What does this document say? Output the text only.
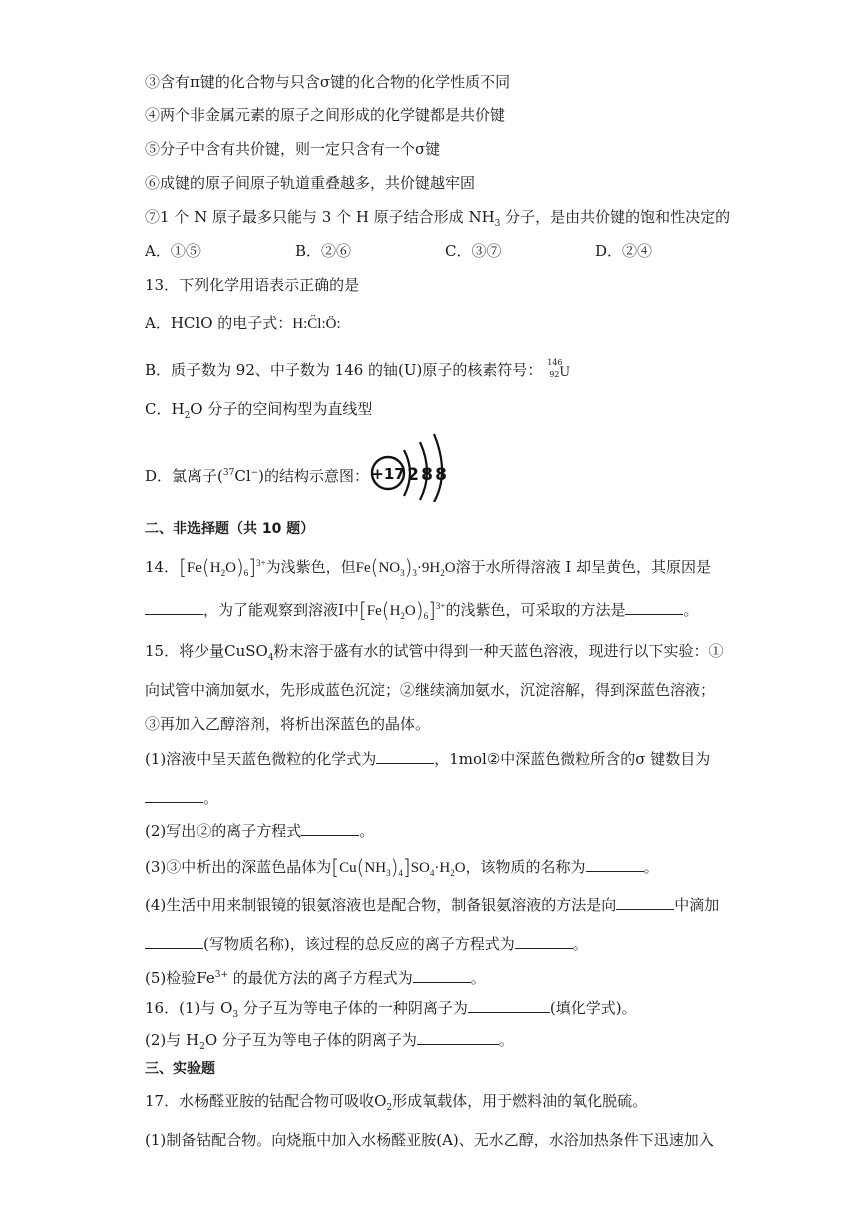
③含有π键的化合物与只含σ键的化合物的化学性质不同
④两个非金属元素的原子之间形成的化学键都是共价键
⑤分子中含有共价键，则一定只含有一个σ键
⑥成键的原子间原子轨道重叠越多，共价键越牢固
⑦1 个 N 原子最多只能与 3 个 H 原子结合形成 $NH_3$ 分子，是由共价键的饱和性决定的
A．①⑤	B．②⑥	C．③⑦	D．②④
13．下列化学用语表示正确的是
A．HClO 的电子式：H:C̈l:Ö:
B．质子数为 92、中子数为 146 的铀(U)原子的核素符号： 146
92 U
C．$H_2O$ 分子的空间构型为直线型
D．氯离子($^{37}$Cl−)的结构示意图： +17 2 8 8
二、非选择题（共 10 题）
14．$[Fe(H_2O)_6]^{3+}$为浅紫色，但$Fe(NO_3)_3\cdot 9H_2O$溶于水所得溶液 I 却呈黄色，其原因是
，为了能观察到溶液I中$[Fe(H_2O)_6]^{3+}$的浅紫色，可采取的方法是	。
15．将少量CuSO$_4$粉末溶于盛有水的试管中得到一种天蓝色溶液，现进行以下实验：①
向试管中滴加氨水，先形成蓝色沉淀；②继续滴加氨水，沉淀溶解，得到深蓝色溶液；
③再加入乙醇溶剂，将析出深蓝色的晶体。
(1)溶液中呈天蓝色微粒的化学式为	，1mol②中深蓝色微粒所含的σ 键数目为
。
(2)写出②的离子方程式	。
(3)③中析出的深蓝色晶体为$[Cu(NH_3)_4]SO_4\cdot H_2O$，该物质的名称为	。
(4)生活中用来制银镜的银氨溶液也是配合物，制备银氨溶液的方法是向	中滴加
(写物质名称)，该过程的总反应的离子方程式为	。
(5)检验$Fe^{3+}$ 的最优方法的离子方程式为	。
16．(1)与 $O_3$ 分子互为等电子体的一种阴离子为	(填化学式)。
(2)与 $H_2O$ 分子互为等电子体的阴离子为	。
三、实验题
17．水杨醛亚胺的钴配合物可吸收$O_2$形成氧载体，用于燃料油的氧化脱硫。
(1)制备钴配合物。向烧瓶中加入水杨醛亚胺(A)、无水乙醇，水浴加热条件下迅速加入
